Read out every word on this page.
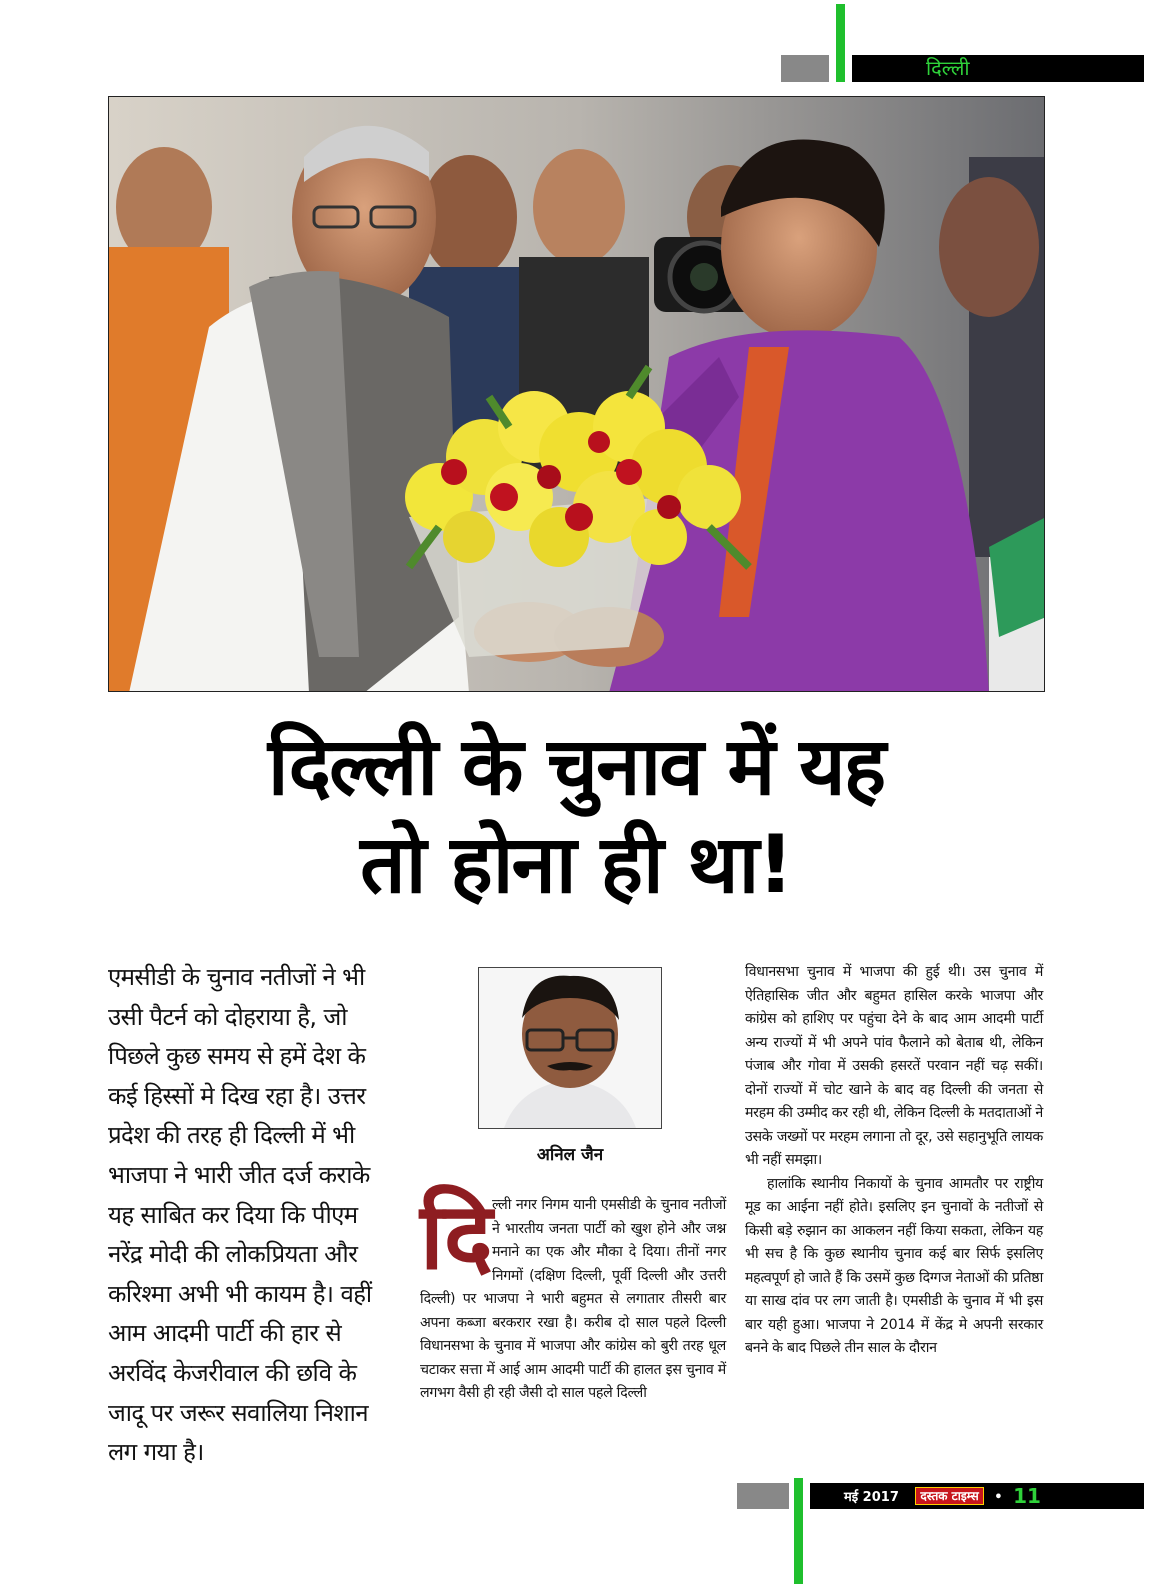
दिल्ली
दिल्ली के चुनाव में यह
तो होना ही था!
एमसीडी के चुनाव नतीजों ने भी उसी पैटर्न को दोहराया है, जो पिछले कुछ समय से हमें देश के कई हिस्सों मे दिख रहा है। उत्तर प्रदेश की तरह ही दिल्ली में भी भाजपा ने भारी जीत दर्ज कराके यह साबित कर दिया कि पीएम नरेंद्र मोदी की लोकप्रियता और करिश्मा अभी भी कायम है। वहीं आम आदमी पार्टी की हार से अरविंद केजरीवाल की छवि के जादू पर जरूर सवालिया निशान लग गया है।
अनिल जैन
दि ल्ली नगर निगम यानी एमसीडी के चुनाव नतीजों ने भारतीय जनता पार्टी को खुश होने और जश्न मनाने का एक और मौका दे दिया। तीनों नगर निगमों (दक्षिण दिल्ली, पूर्वी दिल्ली और उत्तरी दिल्ली) पर भाजपा ने भारी बहुमत से लगातार तीसरी बार अपना कब्जा बरकरार रखा है। करीब दो साल पहले दिल्ली विधानसभा के चुनाव में भाजपा और कांग्रेस को बुरी तरह धूल चटाकर सत्ता में आई आम आदमी पार्टी की हालत इस चुनाव में लगभग वैसी ही रही जैसी दो साल पहले दिल्ली

विधानसभा चुनाव में भाजपा की हुई थी। उस चुनाव में ऐतिहासिक जीत और बहुमत हासिल करके भाजपा और कांग्रेस को हाशिए पर पहुंचा देने के बाद आम आदमी पार्टी अन्य राज्यों में भी अपने पांव फैलाने को बेताब थी, लेकिन पंजाब और गोवा में उसकी हसरतें परवान नहीं चढ़ सकीं। दोनों राज्यों में चोट खाने के बाद वह दिल्ली की जनता से मरहम की उम्मीद कर रही थी, लेकिन दिल्ली के मतदाताओं ने उसके जख्मों पर मरहम लगाना तो दूर, उसे सहानुभूति लायक भी नहीं समझा।

हालांकि स्थानीय निकायों के चुनाव आमतौर पर राष्ट्रीय मूड का आईना नहीं होते। इसलिए इन चुनावों के नतीजों से किसी बड़े रुझान का आकलन नहीं किया सकता, लेकिन यह भी सच है कि कुछ स्थानीय चुनाव कई बार सिर्फ इसलिए महत्वपूर्ण हो जाते हैं कि उसमें कुछ दिग्गज नेताओं की प्रतिष्ठा या साख दांव पर लग जाती है। एमसीडी के चुनाव में भी इस बार यही हुआ। भाजपा ने 2014 में केंद्र मे अपनी सरकार बनने के बाद पिछले तीन साल के दौरान

मई 2017 दस्तक टाइम्स • 11
